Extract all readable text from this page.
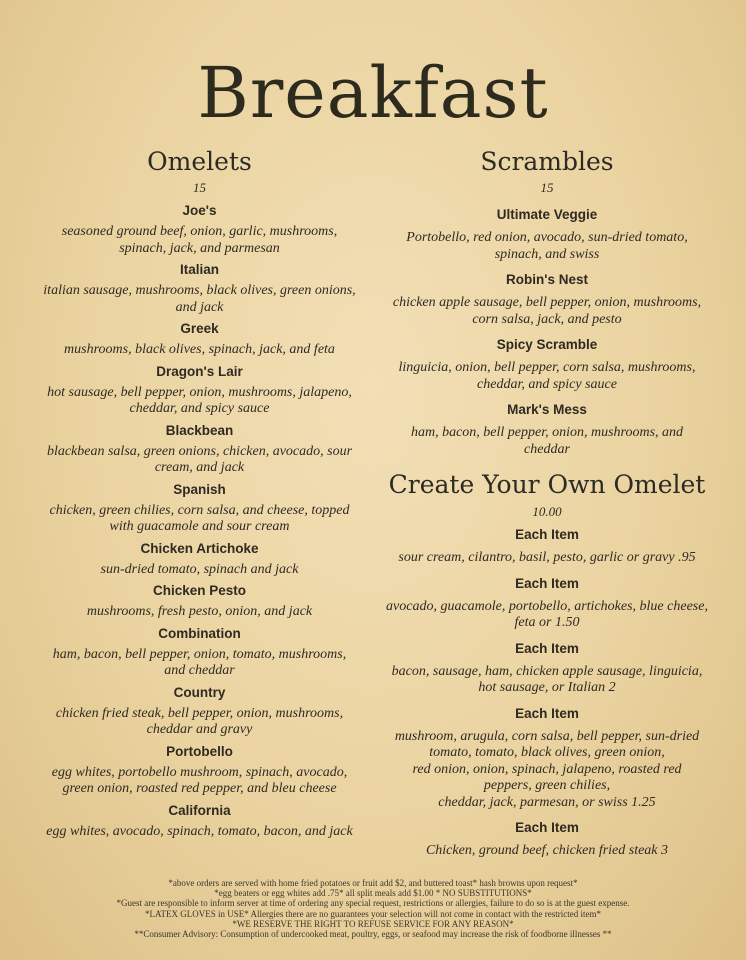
Breakfast
Omelets
15
Joe's
seasoned ground beef, onion, garlic, mushrooms,
spinach, jack, and parmesan
Italian
italian sausage, mushrooms, black olives, green onions,
and jack
Greek
mushrooms, black olives, spinach, jack, and feta
Dragon's Lair
hot sausage, bell pepper, onion, mushrooms, jalapeno,
cheddar, and spicy sauce
Blackbean
blackbean salsa, green onions, chicken, avocado, sour
cream, and jack
Spanish
chicken, green chilies, corn salsa, and cheese, topped
with guacamole and sour cream
Chicken Artichoke
sun-dried tomato, spinach and jack
Chicken Pesto
mushrooms, fresh pesto, onion, and jack
Combination
ham, bacon, bell pepper, onion, tomato, mushrooms,
and cheddar
Country
chicken fried steak, bell pepper, onion, mushrooms,
cheddar and gravy
Portobello
egg whites, portobello mushroom, spinach, avocado,
green onion, roasted red pepper, and bleu cheese
California
egg whites, avocado, spinach, tomato, bacon, and jack
Scrambles
15
Ultimate Veggie
Portobello, red onion, avocado, sun-dried tomato,
spinach, and swiss
Robin's Nest
chicken apple sausage, bell pepper, onion, mushrooms,
corn salsa, jack, and pesto
Spicy Scramble
linguicia, onion, bell pepper, corn salsa, mushrooms,
cheddar, and spicy sauce
Mark's Mess
ham, bacon, bell pepper, onion, mushrooms, and
cheddar
Create Your Own Omelet
10.00
Each Item
sour cream, cilantro, basil, pesto, garlic or gravy .95
Each Item
avocado, guacamole, portobello, artichokes, blue cheese,
feta or 1.50
Each Item
bacon, sausage, ham, chicken apple sausage, linguicia,
hot sausage, or Italian 2
Each Item
mushroom, arugula, corn salsa, bell pepper, sun-dried
tomato, tomato, black olives, green onion,
red onion, onion, spinach, jalapeno, roasted red
peppers, green chilies,
cheddar, jack, parmesan, or swiss 1.25
Each Item
Chicken, ground beef, chicken fried steak 3
*above orders are served with home fried potatoes or fruit add $2, and buttered toast* hash browns upon request*
*egg beaters or egg whites add .75* all split meals add $1.00 * NO SUBSTITUTIONS*
*Guest are responsible to inform server at time of ordering any special request, restrictions or allergies, failure to do so is at the guest expense.
*LATEX GLOVES in USE* Allergies there are no guarantees your selection will not come in contact with the restricted item*
*WE RESERVE THE RIGHT TO REFUSE SERVICE FOR ANY REASON*
**Consumer Advisory: Consumption of undercooked meat, poultry, eggs, or seafood may increase the risk of foodborne illnesses **
